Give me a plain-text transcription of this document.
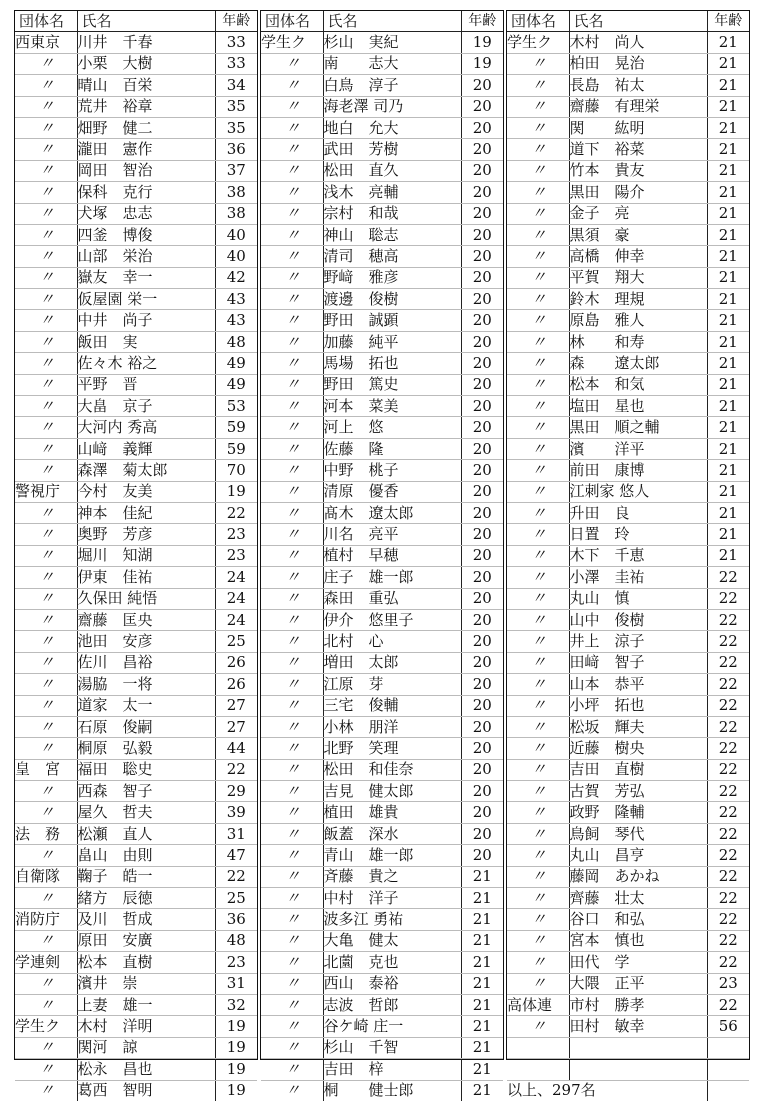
団体名	氏名	年齢
西東京	川井　千春	33
〃	小栗　大樹	33
〃	晴山　百栄	34
〃	荒井　裕章	35
〃	畑野　健二	35
〃	瀧田　憲作	36
〃	岡田　智治	37
〃	保科　克行	38
〃	犬塚　忠志	38
〃	四釜　博俊	40
〃	山部　栄治	40
〃	嶽友　幸一	42
〃	仮屋園 栄一	43
〃	中井　尚子	43
〃	飯田　実	48
〃	佐々木 裕之	49
〃	平野　晋	49
〃	大畠　京子	53
〃	大河内 秀高	59
〃	山﨑　義輝	59
〃	森澤　菊太郎	70
警視庁	今村　友美	19
〃	神本　佳紀	22
〃	奥野　芳彦	23
〃	堀川　知湖	23
〃	伊東　佳祐	24
〃	久保田 純悟	24
〃	齋藤　匡央	24
〃	池田　安彦	25
〃	佐川　昌裕	26
〃	湯脇　一将	26
〃	道家　太一	27
〃	石原　俊嗣	27
〃	桐原　弘毅	44
皇　宮	福田　聡史	22
〃	西森　智子	29
〃	屋久　哲夫	39
法　務	松瀬　直人	31
〃	畠山　由則	47
自衛隊	鞠子　皓一	22
〃	緒方　辰徳	25
消防庁	及川　哲成	36
〃	原田　安廣	48
学連剣	松本　直樹	23
〃	濱井　崇	31
〃	上妻　雄一	32
学生ク	木村　洋明	19
〃	関河　諒	19
〃	松永　昌也	19
〃	葛西　智明	19
団体名	氏名	年齢
学生ク	杉山　実紀	19
〃	南　　志大	19
〃	白鳥　淳子	20
〃	海老澤 司乃	20
〃	地白　允大	20
〃	武田　芳樹	20
〃	松田　直久	20
〃	浅木　亮輔	20
〃	宗村　和哉	20
〃	神山　聡志	20
〃	清司　穂高	20
〃	野﨑　雅彦	20
〃	渡邊　俊樹	20
〃	野田　誠顕	20
〃	加藤　純平	20
〃	馬場　拓也	20
〃	野田　篤史	20
〃	河本　菜美	20
〃	河上　悠	20
〃	佐藤　隆	20
〃	中野　桃子	20
〃	清原　優香	20
〃	髙木　遼太郎	20
〃	川名　亮平	20
〃	植村　早穂	20
〃	庄子　雄一郎	20
〃	森田　重弘	20
〃	伊介　悠里子	20
〃	北村　心	20
〃	増田　太郎	20
〃	江原　芽	20
〃	三宅　俊輔	20
〃	小林　朋洋	20
〃	北野　笑理	20
〃	松田　和佳奈	20
〃	吉見　健太郎	20
〃	植田　雄貴	20
〃	飯蓋　深水	20
〃	青山　雄一郎	20
〃	斉藤　貴之	21
〃	中村　洋子	21
〃	波多江 勇祐	21
〃	大亀　健太	21
〃	北薗　克也	21
〃	西山　泰裕	21
〃	志波　哲郎	21
〃	谷ケ崎 庄一	21
〃	杉山　千智	21
〃	吉田　梓	21
〃	桐　　健士郎	21
団体名	氏名	年齢
学生ク	木村　尚人	21
〃	柏田　晃治	21
〃	長島　祐太	21
〃	齋藤　有理栄	21
〃	関　　紘明	21
〃	道下　裕菜	21
〃	竹本　貴友	21
〃	黒田　陽介	21
〃	金子　亮	21
〃	黒須　豪	21
〃	高橋　伸幸	21
〃	平賀　翔大	21
〃	鈴木　理規	21
〃	原島　雅人	21
〃	林　　和寿	21
〃	森　　遼太郎	21
〃	松本　和気	21
〃	塩田　星也	21
〃	黒田　順之輔	21
〃	濱　　洋平	21
〃	前田　康博	21
〃	江刺家 悠人	21
〃	升田　良	21
〃	日置　玲	21
〃	木下　千恵	21
〃	小澤　圭祐	22
〃	丸山　慎	22
〃	山中　俊樹	22
〃	井上　涼子	22
〃	田﨑　智子	22
〃	山本　恭平	22
〃	小坪　拓也	22
〃	松坂　輝夫	22
〃	近藤　樹央	22
〃	吉田　直樹	22
〃	古賀　芳弘	22
〃	政野　隆輔	22
〃	鳥飼　琴代	22
〃	丸山　昌亨	22
〃	藤岡　あかね	22
〃	齊藤　壮太	22
〃	谷口　和弘	22
〃	宮本　慎也	22
〃	田代　学	22
〃	大隈　正平	23
高体連	市村　勝孝	22
〃	田村　敏幸	56

以上、297名		
